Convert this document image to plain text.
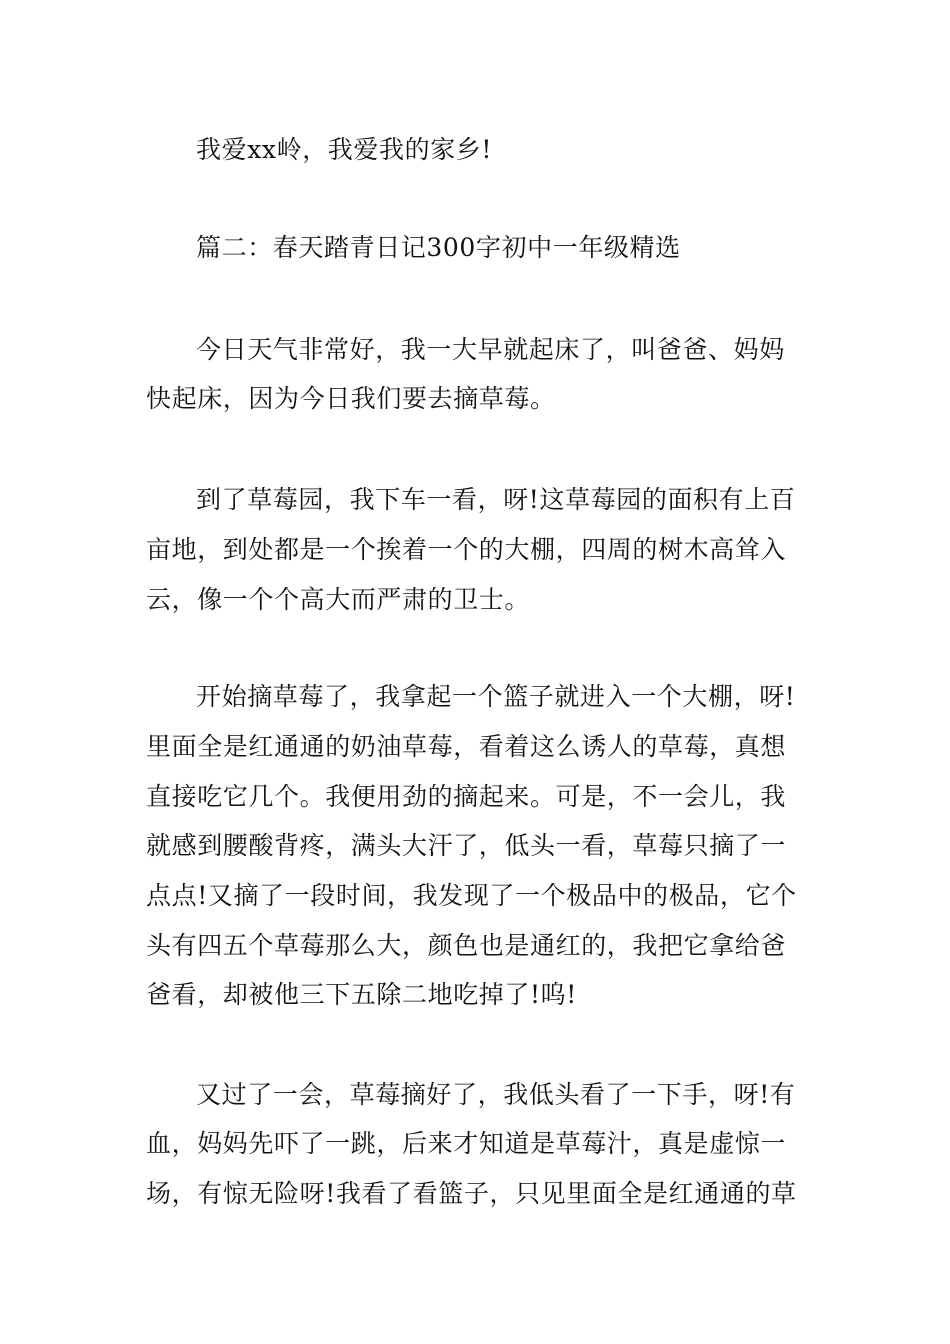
我爱xx岭，我爱我的家乡!
篇二：春天踏青日记300字初中一年级精选
今日天气非常好，我一大早就起床了，叫爸爸、妈妈
快起床，因为今日我们要去摘草莓。
到了草莓园，我下车一看，呀!这草莓园的面积有上百
亩地，到处都是一个挨着一个的大棚，四周的树木高耸入
云，像一个个高大而严肃的卫士。
开始摘草莓了，我拿起一个篮子就进入一个大棚，呀!
里面全是红通通的奶油草莓，看着这么诱人的草莓，真想
直接吃它几个。我便用劲的摘起来。可是，不一会儿，我
就感到腰酸背疼，满头大汗了，低头一看，草莓只摘了一
点点!又摘了一段时间，我发现了一个极品中的极品，它个
头有四五个草莓那么大，颜色也是通红的，我把它拿给爸
爸看，却被他三下五除二地吃掉了!呜!
又过了一会，草莓摘好了，我低头看了一下手，呀!有
血，妈妈先吓了一跳，后来才知道是草莓汁，真是虚惊一
场，有惊无险呀!我看了看篮子，只见里面全是红通通的草
